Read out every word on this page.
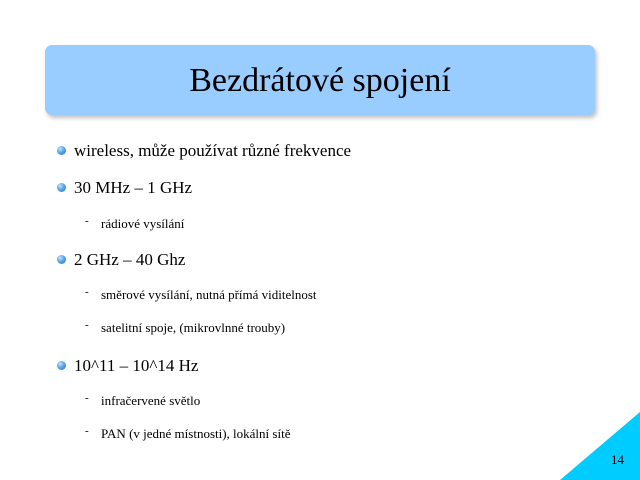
Bezdrátové spojení
wireless, může používat různé frekvence
30 MHz – 1 GHz
- rádiové vysílání
2 GHz – 40 Ghz
- směrové vysílání, nutná přímá viditelnost
- satelitní spoje, (mikrovlnné trouby)
10^11 – 10^14 Hz
- infračervené světlo
- PAN (v jedné místnosti), lokální sítě
14
